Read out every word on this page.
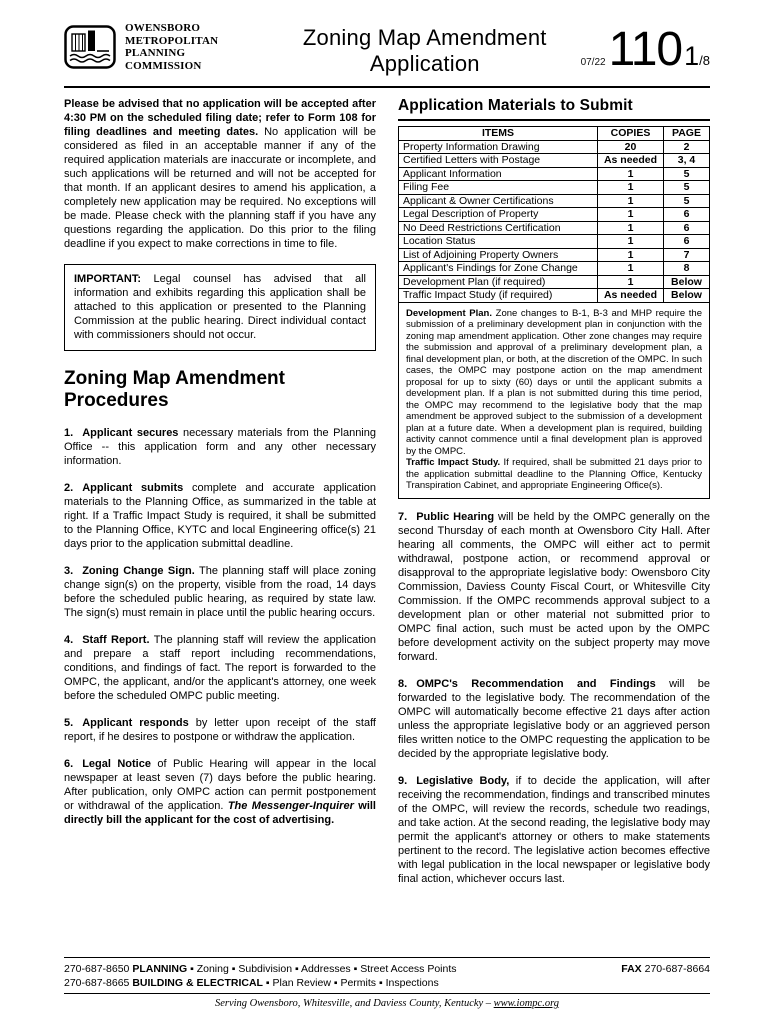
OWENSBORO
METROPOLITAN
PLANNING
COMMISSION
Zoning Map Amendment
Application	07/22 110 1 /8

Please be advised that no application will be accepted after 4:30 PM on the scheduled filing date; refer to Form 108 for filing deadlines and meeting dates. No application will be considered as filed in an acceptable manner if any of the required application materials are inaccurate or incomplete, and such applications will be returned and will not be accepted for that month. If an applicant desires to amend his application, a completely new application may be required. No exceptions will be made. Please check with the planning staff if you have any questions regarding the application. Do this prior to the filing deadline if you expect to make corrections in time to file.

IMPORTANT: Legal counsel has advised that all information and exhibits regarding this application shall be attached to this application or presented to the Planning Commission at the public hearing. Direct individual contact with commissioners should not occur.
Zoning Map Amendment
Procedures

1. Applicant secures necessary materials from the Planning Office -- this application form and any other necessary information.

2. Applicant submits complete and accurate application materials to the Planning Office, as summarized in the table at right. If a Traffic Impact Study is required, it shall be submitted to the Planning Office, KYTC and local Engineering office(s) 21 days prior to the application submittal deadline.

3. Zoning Change Sign. The planning staff will place zoning change sign(s) on the property, visible from the road, 14 days before the scheduled public hearing, as required by state law. The sign(s) must remain in place until the public hearing occurs.

4. Staff Report. The planning staff will review the application and prepare a staff report including recommendations, conditions, and findings of fact. The report is forwarded to the OMPC, the applicant, and/or the applicant's attorney, one week before the scheduled OMPC public meeting.

5. Applicant responds by letter upon receipt of the staff report, if he desires to postpone or withdraw the application.

6. Legal Notice of Public Hearing will appear in the local newspaper at least seven (7) days before the public hearing. After publication, only OMPC action can permit postponement or withdrawal of the application. The Messenger-Inquirer will directly bill the applicant for the cost of advertising.

Application Materials to Submit
ITEMS	COPIES	PAGE
Property Information Drawing	20	2
Certified Letters with Postage	As needed	3, 4
Applicant Information	1	5
Filing Fee	1	5
Applicant & Owner Certifications	1	5
Legal Description of Property	1	6
No Deed Restrictions Certification	1	6
Location Status	1	6
List of Adjoining Property Owners	1	7
Applicant's Findings for Zone Change	1	8
Development Plan (if required)	1	Below
Traffic Impact Study (if required)	As needed	Below

Development Plan. Zone changes to B-1, B-3 and MHP require the submission of a preliminary development plan in conjunction with the zoning map amendment application. Other zone changes may require the submission and approval of a preliminary development plan, a final development plan, or both, at the discretion of the OMPC. In such cases, the OMPC may postpone action on the map amendment proposal for up to sixty (60) days or until the applicant submits a development plan. If a plan is not submitted during this time period, the OMPC may recommend to the legislative body that the map amendment be approved subject to the submission of a development plan at a future date. When a development plan is required, building activity cannot commence until a final development plan is approved by the OMPC.

Traffic Impact Study. If required, shall be submitted 21 days prior to the application submittal deadline to the Planning Office, Kentucky Transpiration Cabinet, and appropriate Engineering Office(s).

7. Public Hearing will be held by the OMPC generally on the second Thursday of each month at Owensboro City Hall. After hearing all comments, the OMPC will either act to permit withdrawal, postpone action, or recommend approval or disapproval to the appropriate legislative body: Owensboro City Commission, Daviess County Fiscal Court, or Whitesville City Commission. If the OMPC recommends approval subject to a development plan or other material not submitted prior to OMPC final action, such must be acted upon by the OMPC before development activity on the subject property may move forward.

8. OMPC's Recommendation and Findings will be forwarded to the legislative body. The recommendation of the OMPC will automatically become effective 21 days after action unless the appropriate legislative body or an aggrieved person files written notice to the OMPC requesting the application to be decided by the appropriate legislative body.

9. Legislative Body, if to decide the application, will after receiving the recommendation, findings and transcribed minutes of the OMPC, will review the records, schedule two readings, and take action. At the second reading, the legislative body may permit the applicant's attorney or others to make statements pertinent to the record. The legislative action becomes effective with legal publication in the local newspaper or legislative body final action, whichever occurs last.

270-687-8650 PLANNING ▪ Zoning ▪ Subdivision ▪ Addresses ▪ Street Access Points	FAX 270-687-8664
270-687-8665 BUILDING & ELECTRICAL ▪ Plan Review ▪ Permits ▪ Inspections
Serving Owensboro, Whitesville, and Daviess County, Kentucky – www.iompc.org
